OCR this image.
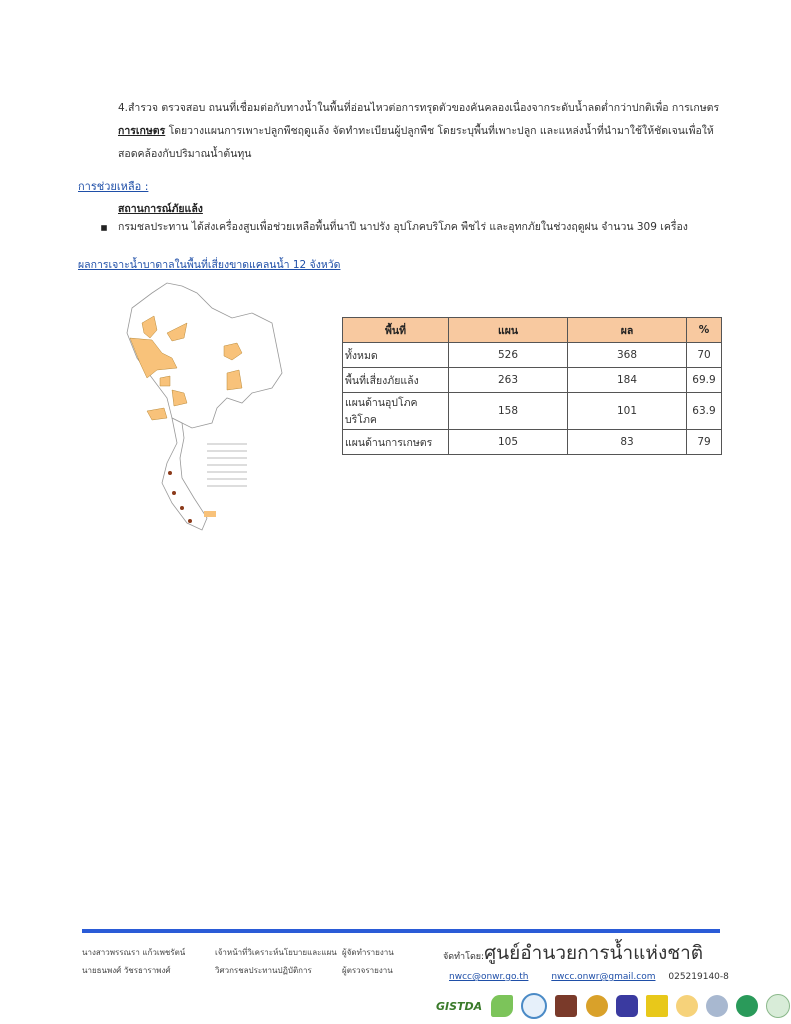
4.สำรวจ ตรวจสอบ ถนนที่เชื่อมต่อกับทางน้ำในพื้นที่อ่อนไหวต่อการทรุดตัวของคันคลองเนื่องจากระดับน้ำลดต่ำกว่าปกติเพื่อ การเกษตร
การเกษตร โดยวางแผนการเพาะปลูกพืชฤดูแล้ง จัดทำทะเบียนผู้ปลูกพืช โดยระบุพื้นที่เพาะปลูก และแหล่งน้ำที่นำมาใช้ให้ชัดเจนเพื่อให้
สอดคล้องกับปริมาณน้ำต้นทุน
การช่วยเหลือ :
สถานการณ์ภัยแล้ง
กรมชลประทาน ได้ส่งเครื่องสูบเพื่อช่วยเหลือพื้นที่นาปี นาปรัง อุปโภคบริโภค พืชไร่ และอุทกภัยในช่วงฤดูฝน จำนวน 309 เครื่อง
ผลการเจาะน้ำบาดาลในพื้นที่เสี่ยงขาดแคลนน้ำ 12 จังหวัด
พื้นที่	แผน	ผล	%
ทั้งหมด	526	368	70
พื้นที่เสี่ยงภัยแล้ง	263	184	69.9
แผนด้านอุปโภคบริโภค	158	101	63.9
แผนด้านการเกษตร	105	83	79
นางสาวพรรณรา แก้วเพชรัตน์
นายธนพงศ์ วัชรธาราพงศ์
เจ้าหน้าที่วิเคราะห์นโยบายและแผน
วิศวกรชลประทานปฏิบัติการ
ผู้จัดทำรายงาน
ผู้ตรวจรายงาน
จัดทำโดย:ศูนย์อำนวยการน้ำแห่งชาติ
nwcc@onwr.go.th	nwcc.onwr@gmail.com 025219140-8
GISTDA
